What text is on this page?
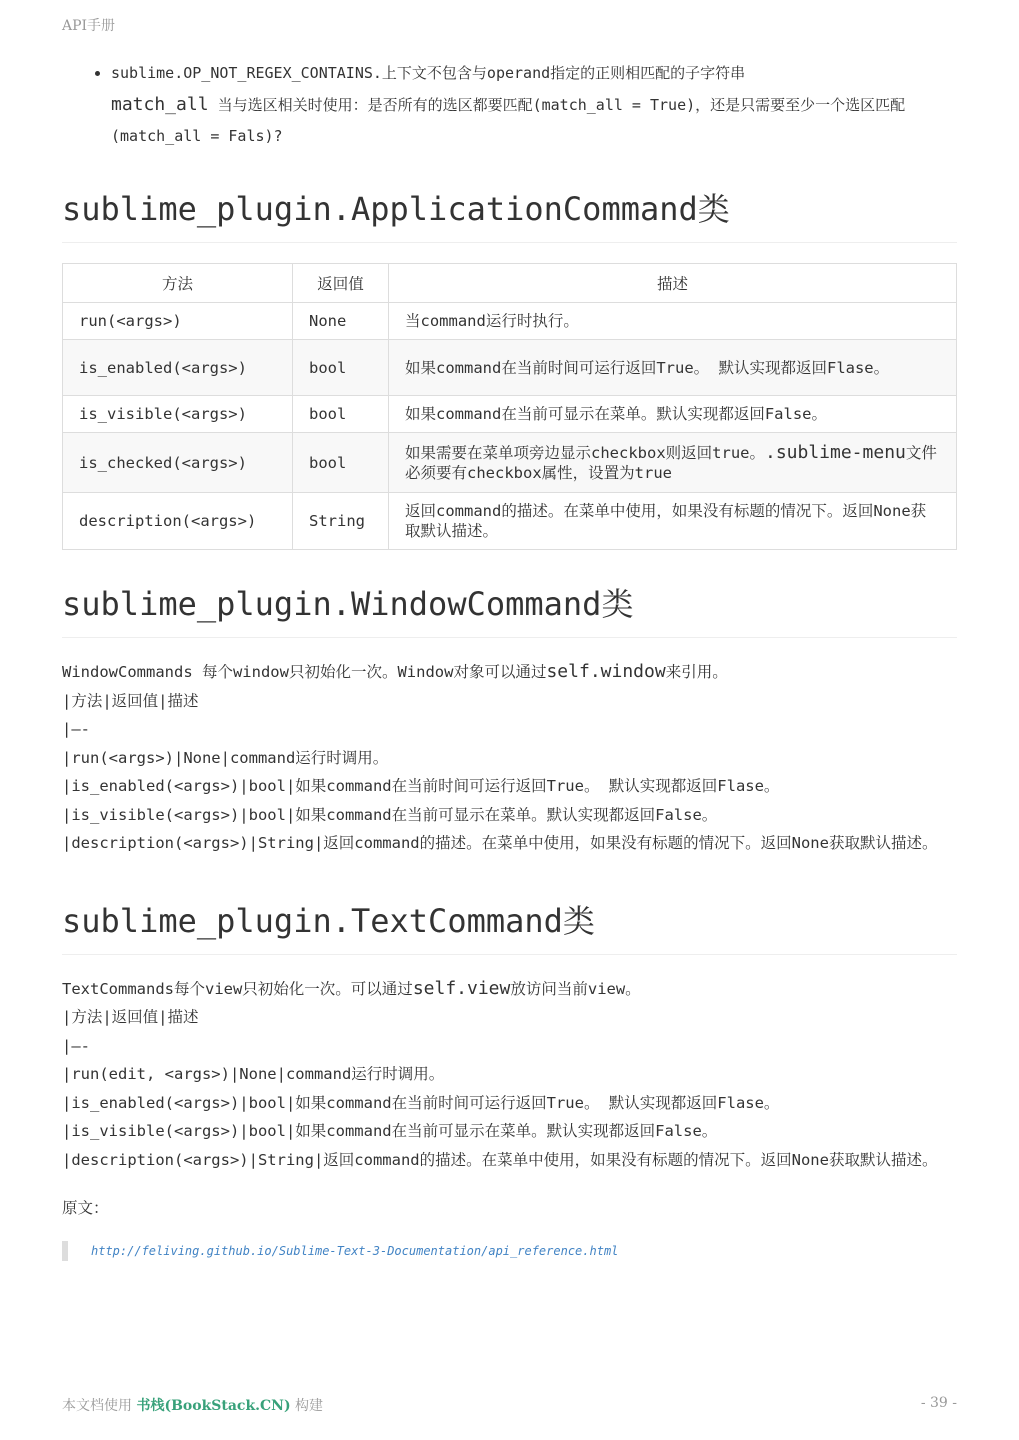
API手册
• sublime.OP_NOT_REGEX_CONTAINS.上下文不包含与operand指定的正则相匹配的子字符串
match_all 当与选区相关时使用：是否所有的选区都要匹配(match_all = True)，还是只需要至少一个选区匹配(match_all = Fals)?
sublime_plugin.ApplicationCommand类
方法	返回值	描述
run(<args>)	None	当command运行时执行。
is_enabled(<args>)	bool	如果command在当前时间可运行返回True。 默认实现都返回Flase。
is_visible(<args>)	bool	如果command在当前可显示在菜单。默认实现都返回False。
is_checked(<args>)	bool	如果需要在菜单项旁边显示checkbox则返回true。.sublime-menu文件必须要有checkbox属性，设置为true
description(<args>)	String	返回command的描述。在菜单中使用，如果没有标题的情况下。返回None获取默认描述。
sublime_plugin.WindowCommand类
WindowCommands 每个window只初始化一次。Window对象可以通过self.window来引用。
|方法|返回值|描述
|—-
|run(<args>)|None|command运行时调用。
|is_enabled(<args>)|bool|如果command在当前时间可运行返回True。 默认实现都返回Flase。
|is_visible(<args>)|bool|如果command在当前可显示在菜单。默认实现都返回False。
|description(<args>)|String|返回command的描述。在菜单中使用，如果没有标题的情况下。返回None获取默认描述。
sublime_plugin.TextCommand类
TextCommands每个view只初始化一次。可以通过self.view放访问当前view。
|方法|返回值|描述
|—-
|run(edit, <args>)|None|command运行时调用。
|is_enabled(<args>)|bool|如果command在当前时间可运行返回True。 默认实现都返回Flase。
|is_visible(<args>)|bool|如果command在当前可显示在菜单。默认实现都返回False。
|description(<args>)|String|返回command的描述。在菜单中使用，如果没有标题的情况下。返回None获取默认描述。
原文：
http://feliving.github.io/Sublime-Text-3-Documentation/api_reference.html
本文档使用 书栈(BookStack.CN) 构建	- 39 -
